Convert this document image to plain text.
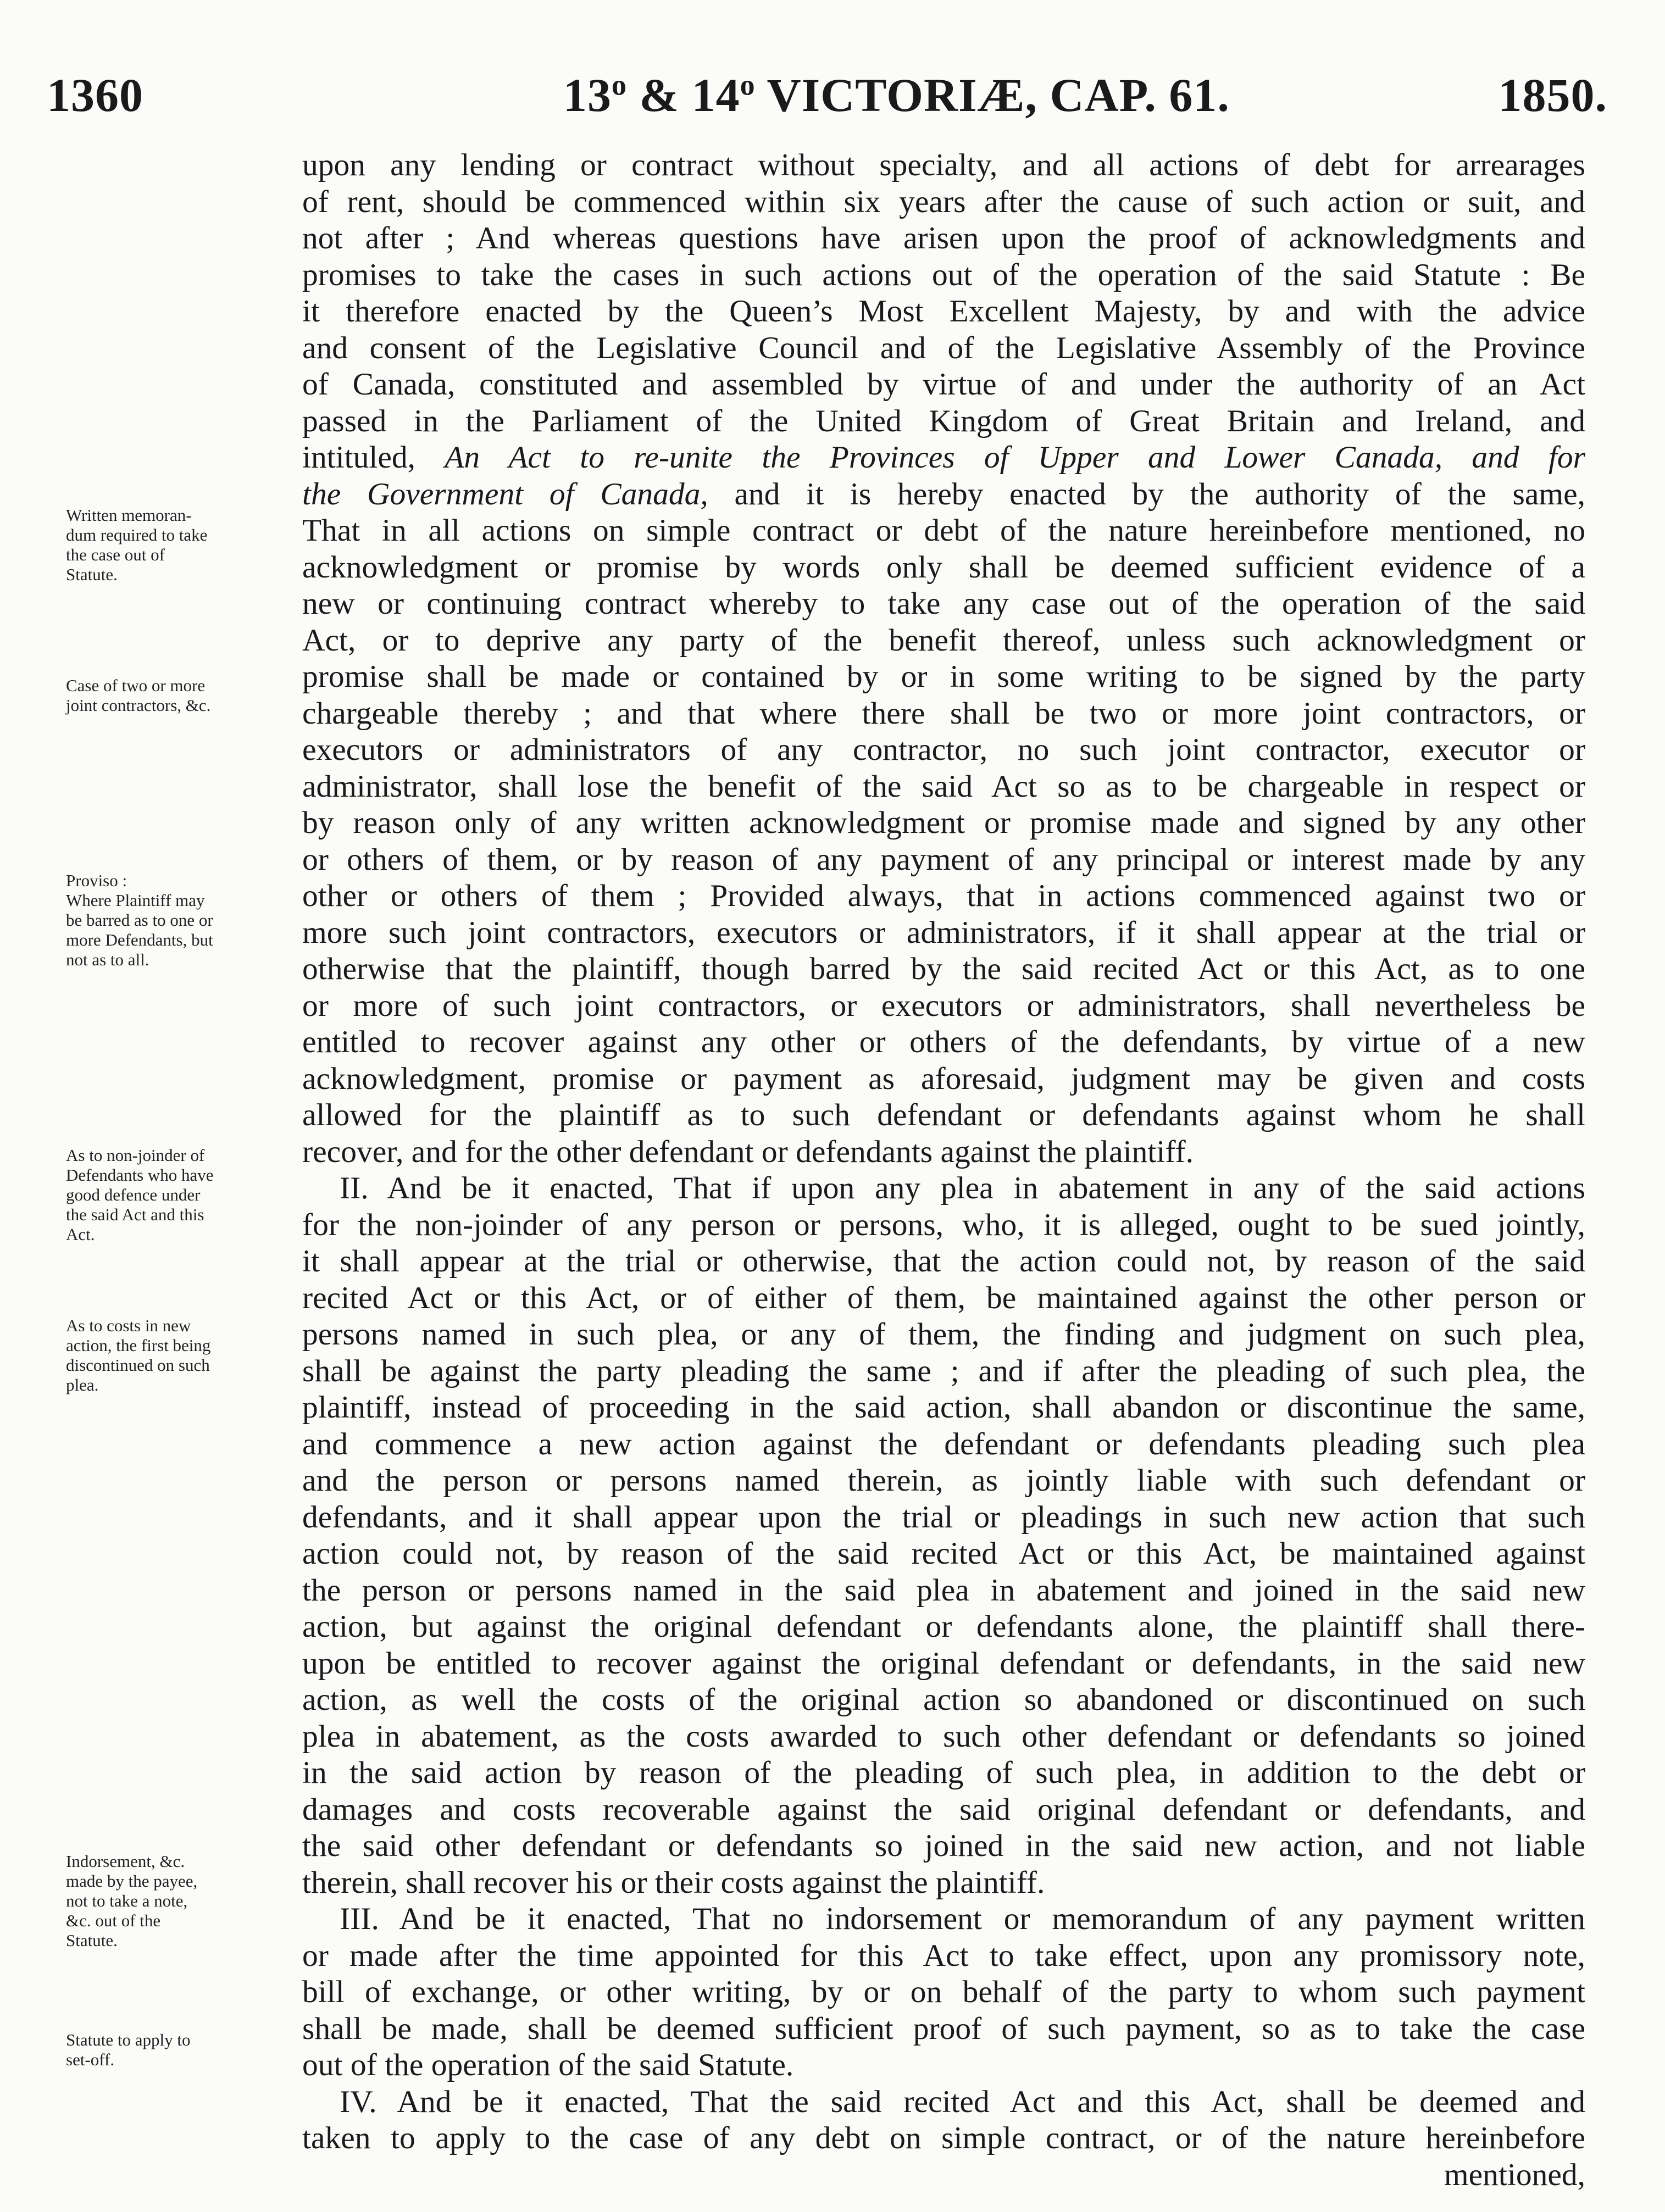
1360	13$^o$ & 14$^o$ VICTORIÆ, CAP. 61.	1850.
Written memoran-
dum required to take
the case out of
Statute.
Case of two or more
joint contractors, &c.
Proviso :
Where Plaintiff may
be barred as to one or
more Defendants, but
not as to all.
As to non-joinder of
Defendants who have
good defence under
the said Act and this
Act.
As to costs in new
action, the first being
discontinued on such
plea.
Indorsement, &c.
made by the payee,
not to take a note,
&c. out of the
Statute.
Statute to apply to
set-off.
upon any lending or contract without specialty, and all actions of debt for arrearages
of rent, should be commenced within six years after the cause of such action or suit, and
not after ; And whereas questions have arisen upon the proof of acknowledgments and
promises to take the cases in such actions out of the operation of the said Statute : Be
it therefore enacted by the Queen’s Most Excellent Majesty, by and with the advice
and consent of the Legislative Council and of the Legislative Assembly of the Province
of Canada, constituted and assembled by virtue of and under the authority of an Act
passed in the Parliament of the United Kingdom of Great Britain and Ireland, and
intituled, An Act to re-unite the Provinces of Upper and Lower Canada, and for
the Government of Canada, and it is hereby enacted by the authority of the same,
That in all actions on simple contract or debt of the nature hereinbefore mentioned, no
acknowledgment or promise by words only shall be deemed sufficient evidence of a
new or continuing contract whereby to take any case out of the operation of the said
Act, or to deprive any party of the benefit thereof, unless such acknowledgment or
promise shall be made or contained by or in some writing to be signed by the party
chargeable thereby ; and that where there shall be two or more joint contractors, or
executors or administrators of any contractor, no such joint contractor, executor or
administrator, shall lose the benefit of the said Act so as to be chargeable in respect or
by reason only of any written acknowledgment or promise made and signed by any other
or others of them, or by reason of any payment of any principal or interest made by any
other or others of them ; Provided always, that in actions commenced against two or
more such joint contractors, executors or administrators, if it shall appear at the trial or
otherwise that the plaintiff, though barred by the said recited Act or this Act, as to one
or more of such joint contractors, or executors or administrators, shall nevertheless be
entitled to recover against any other or others of the defendants, by virtue of a new
acknowledgment, promise or payment as aforesaid, judgment may be given and costs
allowed for the plaintiff as to such defendant or defendants against whom he shall
recover, and for the other defendant or defendants against the plaintiff.
II. And be it enacted, That if upon any plea in abatement in any of the said actions
for the non-joinder of any person or persons, who, it is alleged, ought to be sued jointly,
it shall appear at the trial or otherwise, that the action could not, by reason of the said
recited Act or this Act, or of either of them, be maintained against the other person or
persons named in such plea, or any of them, the finding and judgment on such plea,
shall be against the party pleading the same ; and if after the pleading of such plea, the
plaintiff, instead of proceeding in the said action, shall abandon or discontinue the same,
and commence a new action against the defendant or defendants pleading such plea
and the person or persons named therein, as jointly liable with such defendant or
defendants, and it shall appear upon the trial or pleadings in such new action that such
action could not, by reason of the said recited Act or this Act, be maintained against
the person or persons named in the said plea in abatement and joined in the said new
action, but against the original defendant or defendants alone, the plaintiff shall there-
upon be entitled to recover against the original defendant or defendants, in the said new
action, as well the costs of the original action so abandoned or discontinued on such
plea in abatement, as the costs awarded to such other defendant or defendants so joined
in the said action by reason of the pleading of such plea, in addition to the debt or
damages and costs recoverable against the said original defendant or defendants, and
the said other defendant or defendants so joined in the said new action, and not liable
therein, shall recover his or their costs against the plaintiff.
III. And be it enacted, That no indorsement or memorandum of any payment written
or made after the time appointed for this Act to take effect, upon any promissory note,
bill of exchange, or other writing, by or on behalf of the party to whom such payment
shall be made, shall be deemed sufficient proof of such payment, so as to take the case
out of the operation of the said Statute.
IV. And be it enacted, That the said recited Act and this Act, shall be deemed and
taken to apply to the case of any debt on simple contract, or of the nature hereinbefore
mentioned,
